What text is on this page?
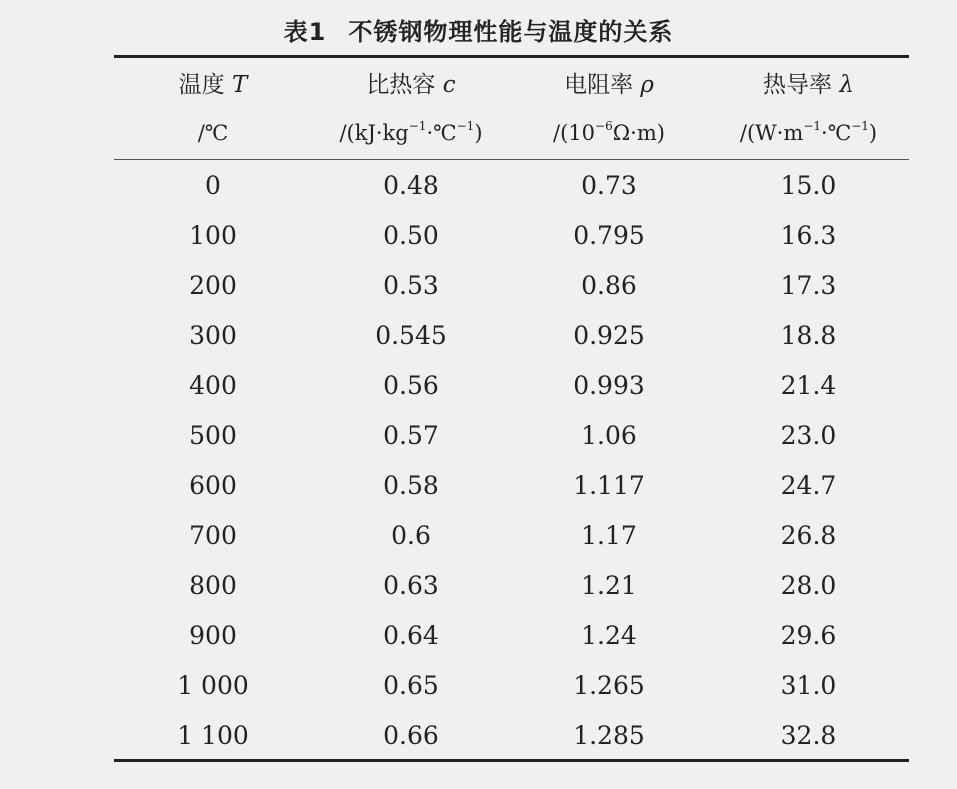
表1 不锈钢物理性能与温度的关系
温度 T	比热容 c	电阻率 ρ	热导率 λ
/℃	$/(kJ\cdot kg^{-1}\cdot℃^{-1})$	$/(10^{-6}\Omega\cdot m)$	$/(W\cdot m^{-1}\cdot℃^{-1})$
0	0.48	0.73	15.0
100	0.50	0.795	16.3
200	0.53	0.86	17.3
300	0.545	0.925	18.8
400	0.56	0.993	21.4
500	0.57	1.06	23.0
600	0.58	1.117	24.7
700	0.6	1.17	26.8
800	0.63	1.21	28.0
900	0.64	1.24	29.6
1 000	0.65	1.265	31.0
1 100	0.66	1.285	32.8
